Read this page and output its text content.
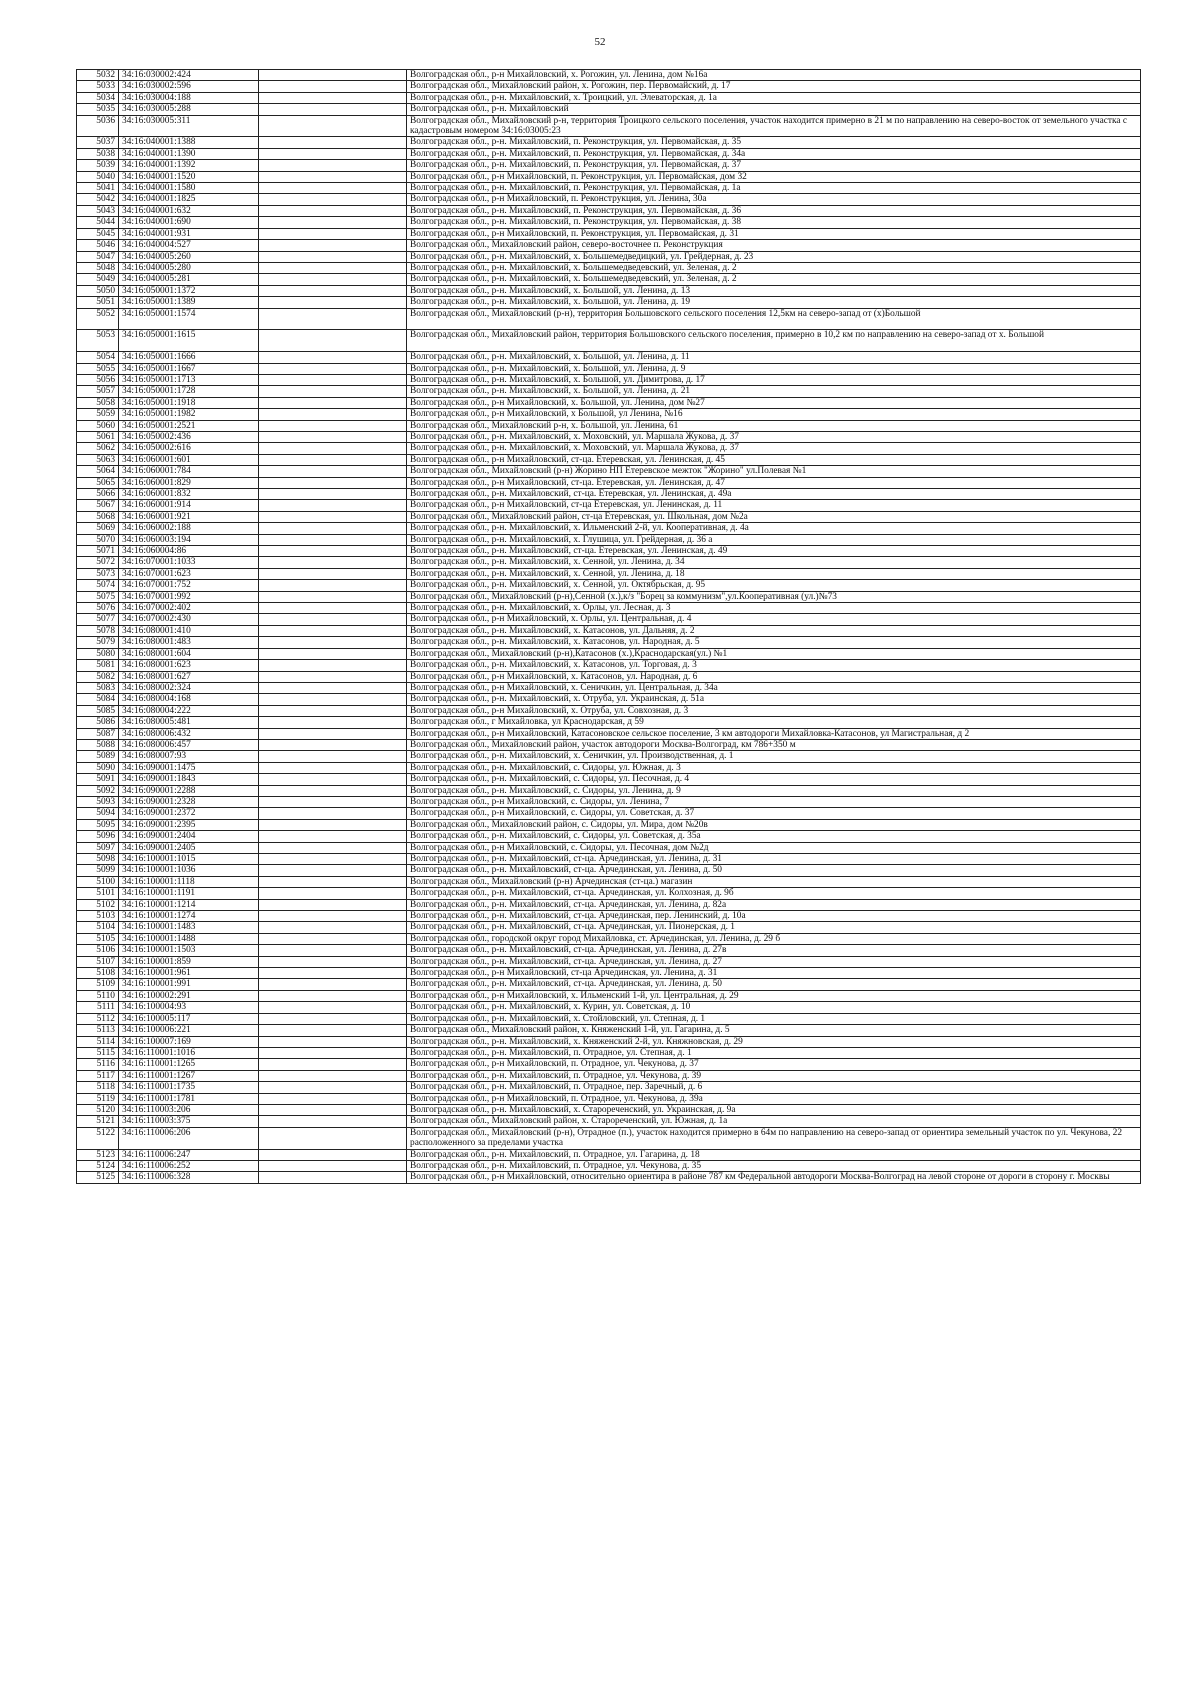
52
5032	34:16:030002:424		Волгоградская обл., р-н Михайловский, х. Рогожин, ул. Ленина, дом №16а
5033	34:16:030002:596		Волгоградская обл., Михайловский район, х. Рогожин, пер. Первомайский, д. 17
5034	34:16:030004:188		Волгоградская обл., р-н. Михайловский, х. Троицкий, ул. Элеваторская, д. 1а
5035	34:16:030005:288		Волгоградская обл., р-н. Михайловский
5036	34:16:030005:311		Волгоградская обл., Михайловский р-н, территория Троицкого сельского поселения, участок находится примерно в 21 м по направлению на северо-восток от земельного участка с кадастровым номером 34:16:03005:23
5037	34:16:040001:1388		Волгоградская обл., р-н. Михайловский, п. Реконструкция, ул. Первомайская, д. 35
5038	34:16:040001:1390		Волгоградская обл., р-н. Михайловский, п. Реконструкция, ул. Первомайская, д. 34а
5039	34:16:040001:1392		Волгоградская обл., р-н. Михайловский, п. Реконструкция, ул. Первомайская, д. 37
5040	34:16:040001:1520		Волгоградская обл., р-н Михайловский, п. Реконструкция, ул. Первомайская, дом 32
5041	34:16:040001:1580		Волгоградская обл., р-н. Михайловский, п. Реконструкция, ул. Первомайская, д. 1а
5042	34:16:040001:1825		Волгоградская обл., р-н Михайловский, п. Реконструкция, ул. Ленина, 30а
5043	34:16:040001:632		Волгоградская обл., р-н. Михайловский, п. Реконструкция, ул. Первомайская, д. 36
5044	34:16:040001:690		Волгоградская обл., р-н. Михайловский, п. Реконструкция, ул. Первомайская, д. 38
5045	34:16:040001:931		Волгоградская обл., р-н Михайловский, п. Реконструкция, ул. Первомайская, д. 31
5046	34:16:040004:527		Волгоградская обл., Михайловский район, северо-восточнее п. Реконструкция
5047	34:16:040005:260		Волгоградская обл., р-н. Михайловский, х. Большемедведицкий, ул. Грейдерная, д. 23
5048	34:16:040005:280		Волгоградская обл., р-н. Михайловский, х. Большемедведевский, ул. Зеленая, д. 2
5049	34:16:040005:281		Волгоградская обл., р-н. Михайловский, х. Большемедведевский, ул. Зеленая, д. 2
5050	34:16:050001:1372		Волгоградская обл., р-н. Михайловский, х. Большой, ул. Ленина, д. 13
5051	34:16:050001:1389		Волгоградская обл., р-н. Михайловский, х. Большой, ул. Ленина, д. 19
5052	34:16:050001:1574		Волгоградская обл., Михайловский (р-н), территория Большовского сельского поселения 12,5км на северо-запад от (х)Большой
5053	34:16:050001:1615		Волгоградская обл., Михайловский район, территория Большовского сельского поселения, примерно в 10,2 км по направлению на северо-запад от х. Большой
5054	34:16:050001:1666		Волгоградская обл., р-н. Михайловский, х. Большой, ул. Ленина, д. 11
5055	34:16:050001:1667		Волгоградская обл., р-н. Михайловский, х. Большой, ул. Ленина, д. 9
5056	34:16:050001:1713		Волгоградская обл., р-н. Михайловский, х. Большой, ул. Димитрова, д. 17
5057	34:16:050001:1728		Волгоградская обл., р-н. Михайловский, х. Большой, ул. Ленина, д. 21
5058	34:16:050001:1918		Волгоградская обл., р-н Михайловский, х. Большой, ул. Ленина, дом №27
5059	34:16:050001:1982		Волгоградская обл., р-н Михайловский, х Большой, ул Ленина, №16
5060	34:16:050001:2521		Волгоградская обл., Михайловский р-н, х. Большой, ул. Ленина, 61
5061	34:16:050002:436		Волгоградская обл., р-н. Михайловский, х. Моховский, ул. Маршала Жукова, д. 37
5062	34:16:050002:616		Волгоградская обл., р-н. Михайловский, х. Моховский, ул. Маршала Жукова, д. 37
5063	34:16:060001:601		Волгоградская обл., р-н Михайловский, ст-ца. Етеревская, ул. Ленинская, д. 45
5064	34:16:060001:784		Волгоградская обл., Михайловский (р-н) Жорино НП Етеревское межток "Жорино" ул.Полевая №1
5065	34:16:060001:829		Волгоградская обл., р-н Михайловский, ст-ца. Етеревская, ул. Ленинская, д. 47
5066	34:16:060001:832		Волгоградская обл., р-н. Михайловский, ст-ца. Етеревская, ул. Ленинская, д. 49а
5067	34:16:060001:914		Волгоградская обл., р-н Михайловский, ст-ца Етеревская, ул. Ленинская, д. 11
5068	34:16:060001:921		Волгоградская обл., Михайловский район, ст-ца Етеревская, ул. Школьная, дом №2а
5069	34:16:060002:188		Волгоградская обл., р-н. Михайловский, х. Ильменский 2-й, ул. Кооперативная, д. 4а
5070	34:16:060003:194		Волгоградская обл., р-н. Михайловский, х. Глушица, ул. Грейдерная, д. 36 а
5071	34:16:060004:86		Волгоградская обл., р-н. Михайловский, ст-ца. Етеревская, ул. Ленинская, д. 49
5072	34:16:070001:1033		Волгоградская обл., р-н. Михайловский, х. Сенной, ул. Ленина, д. 34
5073	34:16:070001:623		Волгоградская обл., р-н. Михайловский, х. Сенной, ул. Ленина, д. 18
5074	34:16:070001:752		Волгоградская обл., р-н. Михайловский, х. Сенной, ул. Октябрьская, д. 95
5075	34:16:070001:992		Волгоградская обл., Михайловский (р-н),Сенной (х.),к/з "Борец за коммунизм",ул.Кооперативная (ул.)№73
5076	34:16:070002:402		Волгоградская обл., р-н. Михайловский, х. Орлы, ул. Лесная, д. 3
5077	34:16:070002:430		Волгоградская обл., р-н Михайловский, х. Орлы, ул. Центральная, д. 4
5078	34:16:080001:410		Волгоградская обл., р-н. Михайловский, х. Катасонов, ул. Дальняя, д. 2
5079	34:16:080001:483		Волгоградская обл., р-н. Михайловский, х. Катасонов, ул. Народная, д. 5
5080	34:16:080001:604		Волгоградская обл., Михайловский (р-н),Катасонов (х.),Краснодарская(ул.) №1
5081	34:16:080001:623		Волгоградская обл., р-н. Михайловский, х. Катасонов, ул. Торговая, д. 3
5082	34:16:080001:627		Волгоградская обл., р-н Михайловский, х. Катасонов, ул. Народная, д. 6
5083	34:16:080002:324		Волгоградская обл., р-н Михайловский, х. Сеничкин, ул. Центральная, д. 34а
5084	34:16:080004:168		Волгоградская обл., р-н. Михайловский, х. Отруба, ул. Украинская, д. 51а
5085	34:16:080004:222		Волгоградская обл., р-н Михайловский, х. Отруба, ул. Совхозная, д. 3
5086	34:16:080005:481		Волгоградская обл., г Михайловка, ул Краснодарская, д 59
5087	34:16:080006:432		Волгоградская обл., р-н Михайловский, Катасоновское сельское поселение, 3 км автодороги Михайловка-Катасонов, ул Магистральная, д 2
5088	34:16:080006:457		Волгоградская обл., Михайловский район, участок автодороги Москва-Волгоград, км 786+350 м
5089	34:16:080007:93		Волгоградская обл., р-н. Михайловский, х. Сеничкин, ул. Производственная, д. 1
5090	34:16:090001:1475		Волгоградская обл., р-н. Михайловский, с. Сидоры, ул. Южная, д. 3
5091	34:16:090001:1843		Волгоградская обл., р-н. Михайловский, с. Сидоры, ул. Песочная, д. 4
5092	34:16:090001:2288		Волгоградская обл., р-н. Михайловский, с. Сидоры, ул. Ленина, д. 9
5093	34:16:090001:2328		Волгоградская обл., р-н Михайловский, с. Сидоры, ул. Ленина, 7
5094	34:16:090001:2372		Волгоградская обл., р-н Михайловский, с. Сидоры, ул. Советская, д. 37
5095	34:16:090001:2395		Волгоградская обл., Михайловский район, с. Сидоры, ул. Мира, дом №20в
5096	34:16:090001:2404		Волгоградская обл., р-н. Михайловский, с. Сидоры, ул. Советская, д. 35а
5097	34:16:090001:2405		Волгоградская обл., р-н Михайловский, с. Сидоры, ул. Песочная, дом №2д
5098	34:16:100001:1015		Волгоградская обл., р-н. Михайловский, ст-ца. Арчединская, ул. Ленина, д. 31
5099	34:16:100001:1036		Волгоградская обл., р-н. Михайловский, ст-ца. Арчединская, ул. Ленина, д. 50
5100	34:16:100001:1118		Волгоградская обл., Михайловский (р-н) Арчединская (ст-ца.) магазин
5101	34:16:100001:1191		Волгоградская обл., р-н. Михайловский, ст-ца. Арчединская, ул. Колхозная, д. 9б
5102	34:16:100001:1214		Волгоградская обл., р-н. Михайловский, ст-ца. Арчединская, ул. Ленина, д. 82а
5103	34:16:100001:1274		Волгоградская обл., р-н. Михайловский, ст-ца. Арчединская, пер. Ленинский, д. 10а
5104	34:16:100001:1483		Волгоградская обл., р-н. Михайловский, ст-ца. Арчединская, ул. Пионерская, д. 1
5105	34:16:100001:1488		Волгоградская обл., городской округ город Михайловка, ст. Арчединская, ул. Ленина, д. 29 б
5106	34:16:100001:1503		Волгоградская обл., р-н. Михайловский, ст-ца. Арчединская, ул. Ленина, д. 27в
5107	34:16:100001:859		Волгоградская обл., р-н. Михайловский, ст-ца. Арчединская, ул. Ленина, д. 27
5108	34:16:100001:961		Волгоградская обл., р-н Михайловский, ст-ца Арчединская, ул. Ленина, д. 31
5109	34:16:100001:991		Волгоградская обл., р-н. Михайловский, ст-ца. Арчединская, ул. Ленина, д. 50
5110	34:16:100002:291		Волгоградская обл., р-н Михайловский, х. Ильменский 1-й, ул. Центральная, д. 29
5111	34:16:100004:93		Волгоградская обл., р-н. Михайловский, х. Курин, ул. Советская, д. 10
5112	34:16:100005:117		Волгоградская обл., р-н. Михайловский, х. Стойловский, ул. Степная, д. 1
5113	34:16:100006:221		Волгоградская обл., Михайловский район, х. Княженский 1-й, ул. Гагарина, д. 5
5114	34:16:100007:169		Волгоградская обл., р-н. Михайловский, х. Княженский 2-й, ул. Княжновская, д. 29
5115	34:16:110001:1016		Волгоградская обл., р-н. Михайловский, п. Отрадное, ул. Степная, д. 1
5116	34:16:110001:1265		Волгоградская обл., р-н Михайловский, п. Отрадное, ул. Чекунова, д. 37
5117	34:16:110001:1267		Волгоградская обл., р-н. Михайловский, п. Отрадное, ул. Чекунова, д. 39
5118	34:16:110001:1735		Волгоградская обл., р-н. Михайловский, п. Отрадное, пер. Заречный, д. 6
5119	34:16:110001:1781		Волгоградская обл., р-н Михайловский, п. Отрадное, ул. Чекунова, д. 39а
5120	34:16:110003:206		Волгоградская обл., р-н. Михайловский, х. Старореченский, ул. Украинская, д. 9а
5121	34:16:110003:375		Волгоградская обл., Михайловский район, х. Старореченский, ул. Южная, д. 1а
5122	34:16:110006:206		Волгоградская обл., Михайловский (р-н), Отрадное (п.), участок находится примерно в 64м по направлению на северо-запад от ориентира земельный участок по ул. Чекунова, 22 расположенного за пределами участка
5123	34:16:110006:247		Волгоградская обл., р-н. Михайловский, п. Отрадное, ул. Гагарина, д. 18
5124	34:16:110006:252		Волгоградская обл., р-н. Михайловский, п. Отрадное, ул. Чекунова, д. 35
5125	34:16:110006:328		Волгоградская обл., р-н Михайловский, относительно ориентира в районе 787 км Федеральной автодороги Москва-Волгоград на левой стороне от дороги в сторону г. Москвы
